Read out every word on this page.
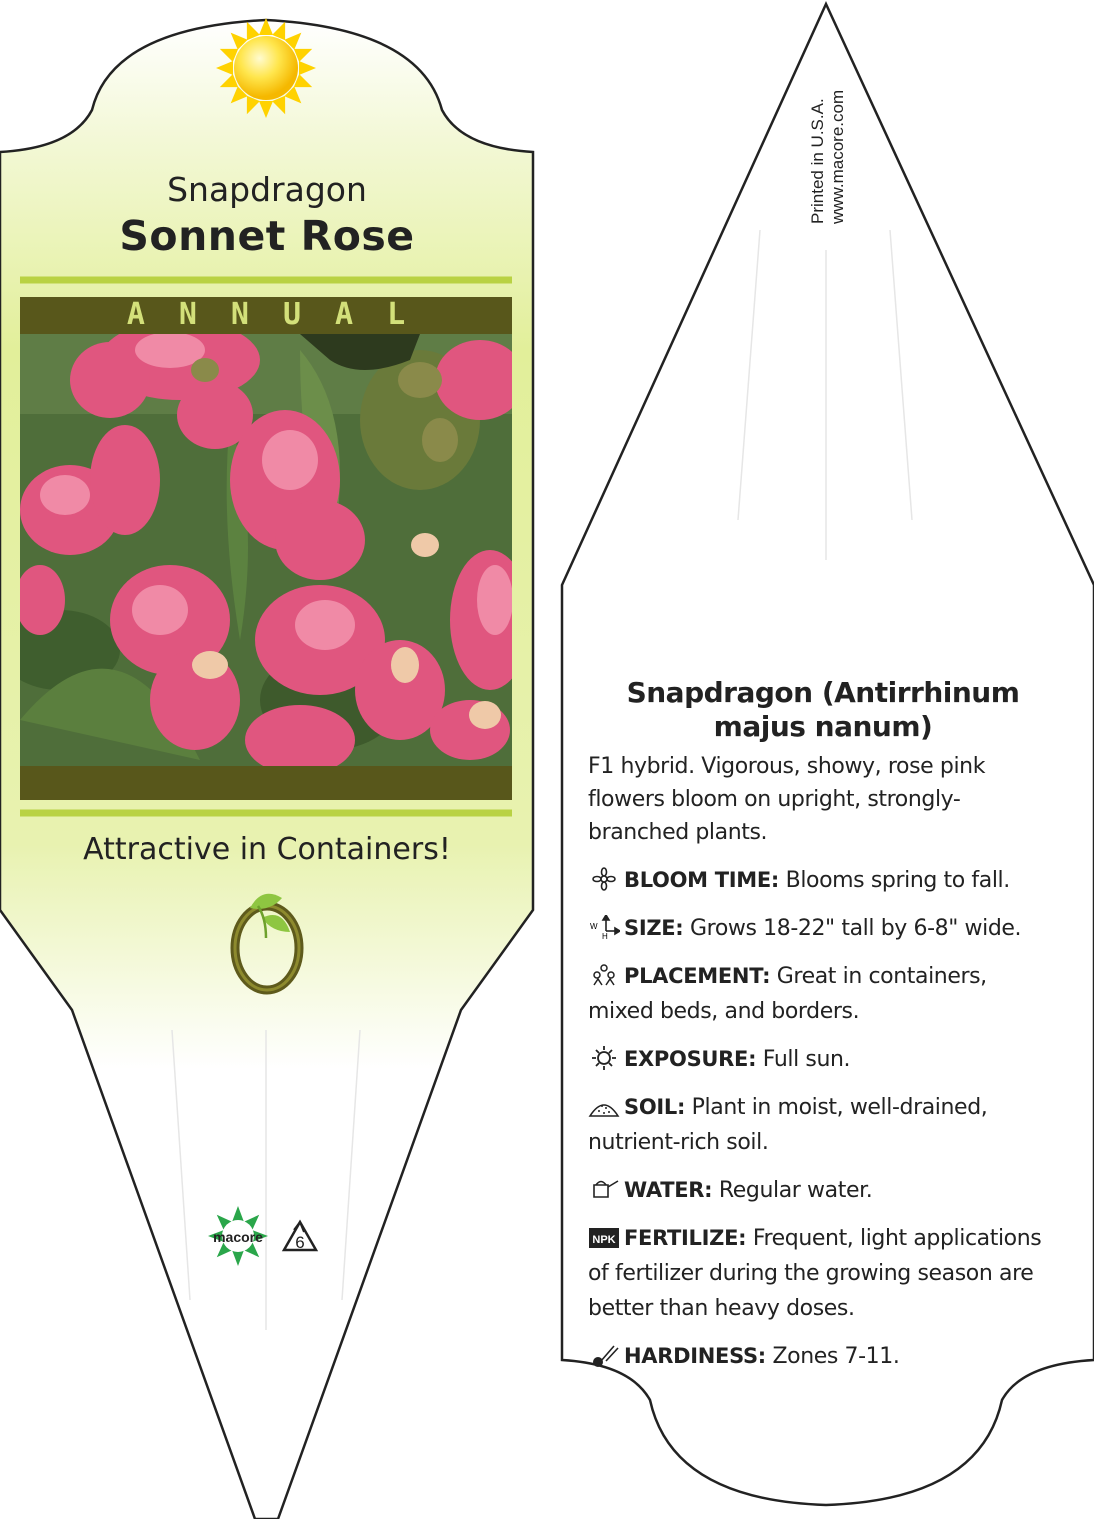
macore 6
Snapdragon
Sonnet Rose
ANNUAL
Attractive in Containers!
Printed in U.S.A. www.macore.com
Snapdragon (Antirrhinum majus nanum)

F1 hybrid. Vigorous, showy, rose pink flowers bloom on upright, strongly-branched plants.

BLOOM TIME: Blooms spring to fall.

W
H SIZE: Grows 18-22" tall by 6-8" wide.

PLACEMENT: Great in containers, mixed beds, and borders.

EXPOSURE: Full sun.

SOIL: Plant in moist, well-drained, nutrient-rich soil.

WATER: Regular water.

NPK FERTILIZE: Frequent, light applications of fertilizer during the growing season are better than heavy doses.

HARDINESS: Zones 7-11.
